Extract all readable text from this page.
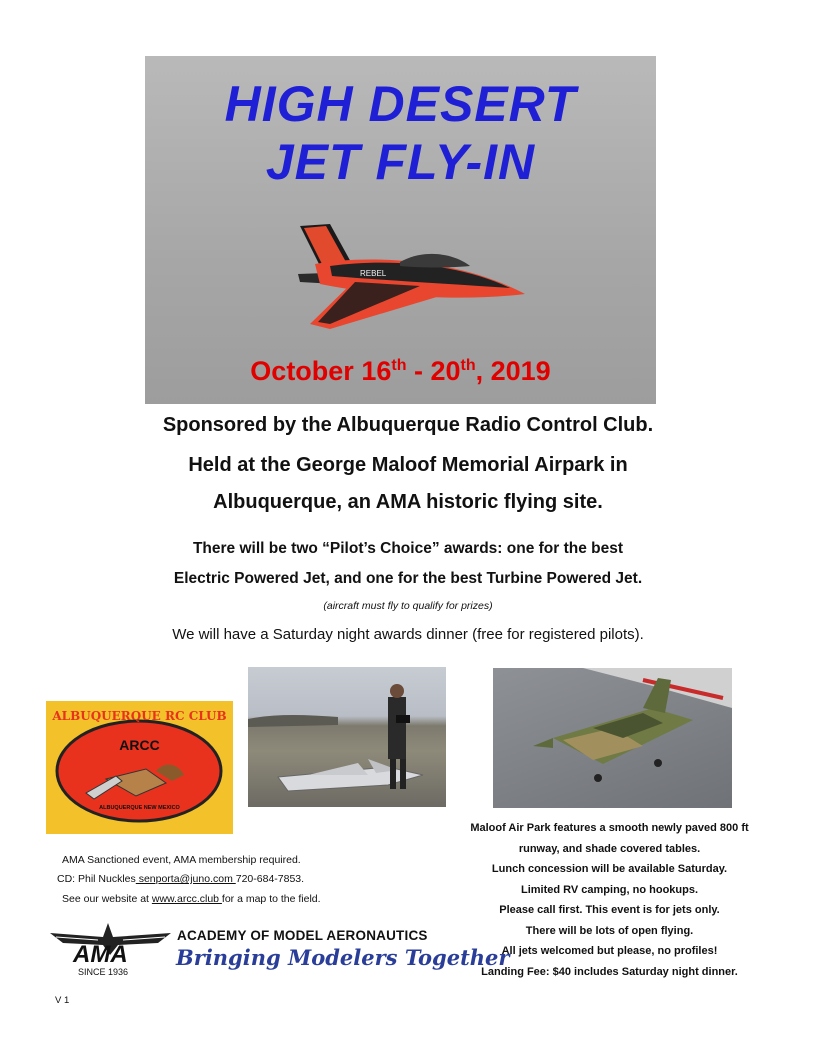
HIGH DESERT
JET FLY-IN
REBEL
October 16th - 20th, 2019
Sponsored by the Albuquerque Radio Control Club.
Held at the George Maloof Memorial Airpark in
Albuquerque, an AMA historic flying site.
There will be two “Pilot’s Choice” awards: one for the best
Electric Powered Jet, and one for the best Turbine Powered Jet.
(aircraft must fly to qualify for prizes)
We will have a Saturday night awards dinner (free for registered pilots).
ALBUQUERQUE RC CLUB
ARCC
ALBUQUERQUE NEW MEXICO
AMA Sanctioned event, AMA membership required.
CD: Phil Nuckles senporta@juno.com 720-684-7853.
See our website at www.arcc.club for a map to the field.
Maloof Air Park features a smooth newly paved 800 ft
runway, and shade covered tables.
Lunch concession will be available Saturday.
Limited RV camping, no hookups.
Please call first. This event is for jets only.
There will be lots of open flying.
All jets welcomed but please, no profiles!
Landing Fee: $40 includes Saturday night dinner.
AMA
SINCE 1936
ACADEMY OF MODEL AERONAUTICS
Bringing Modelers Together
V 1
